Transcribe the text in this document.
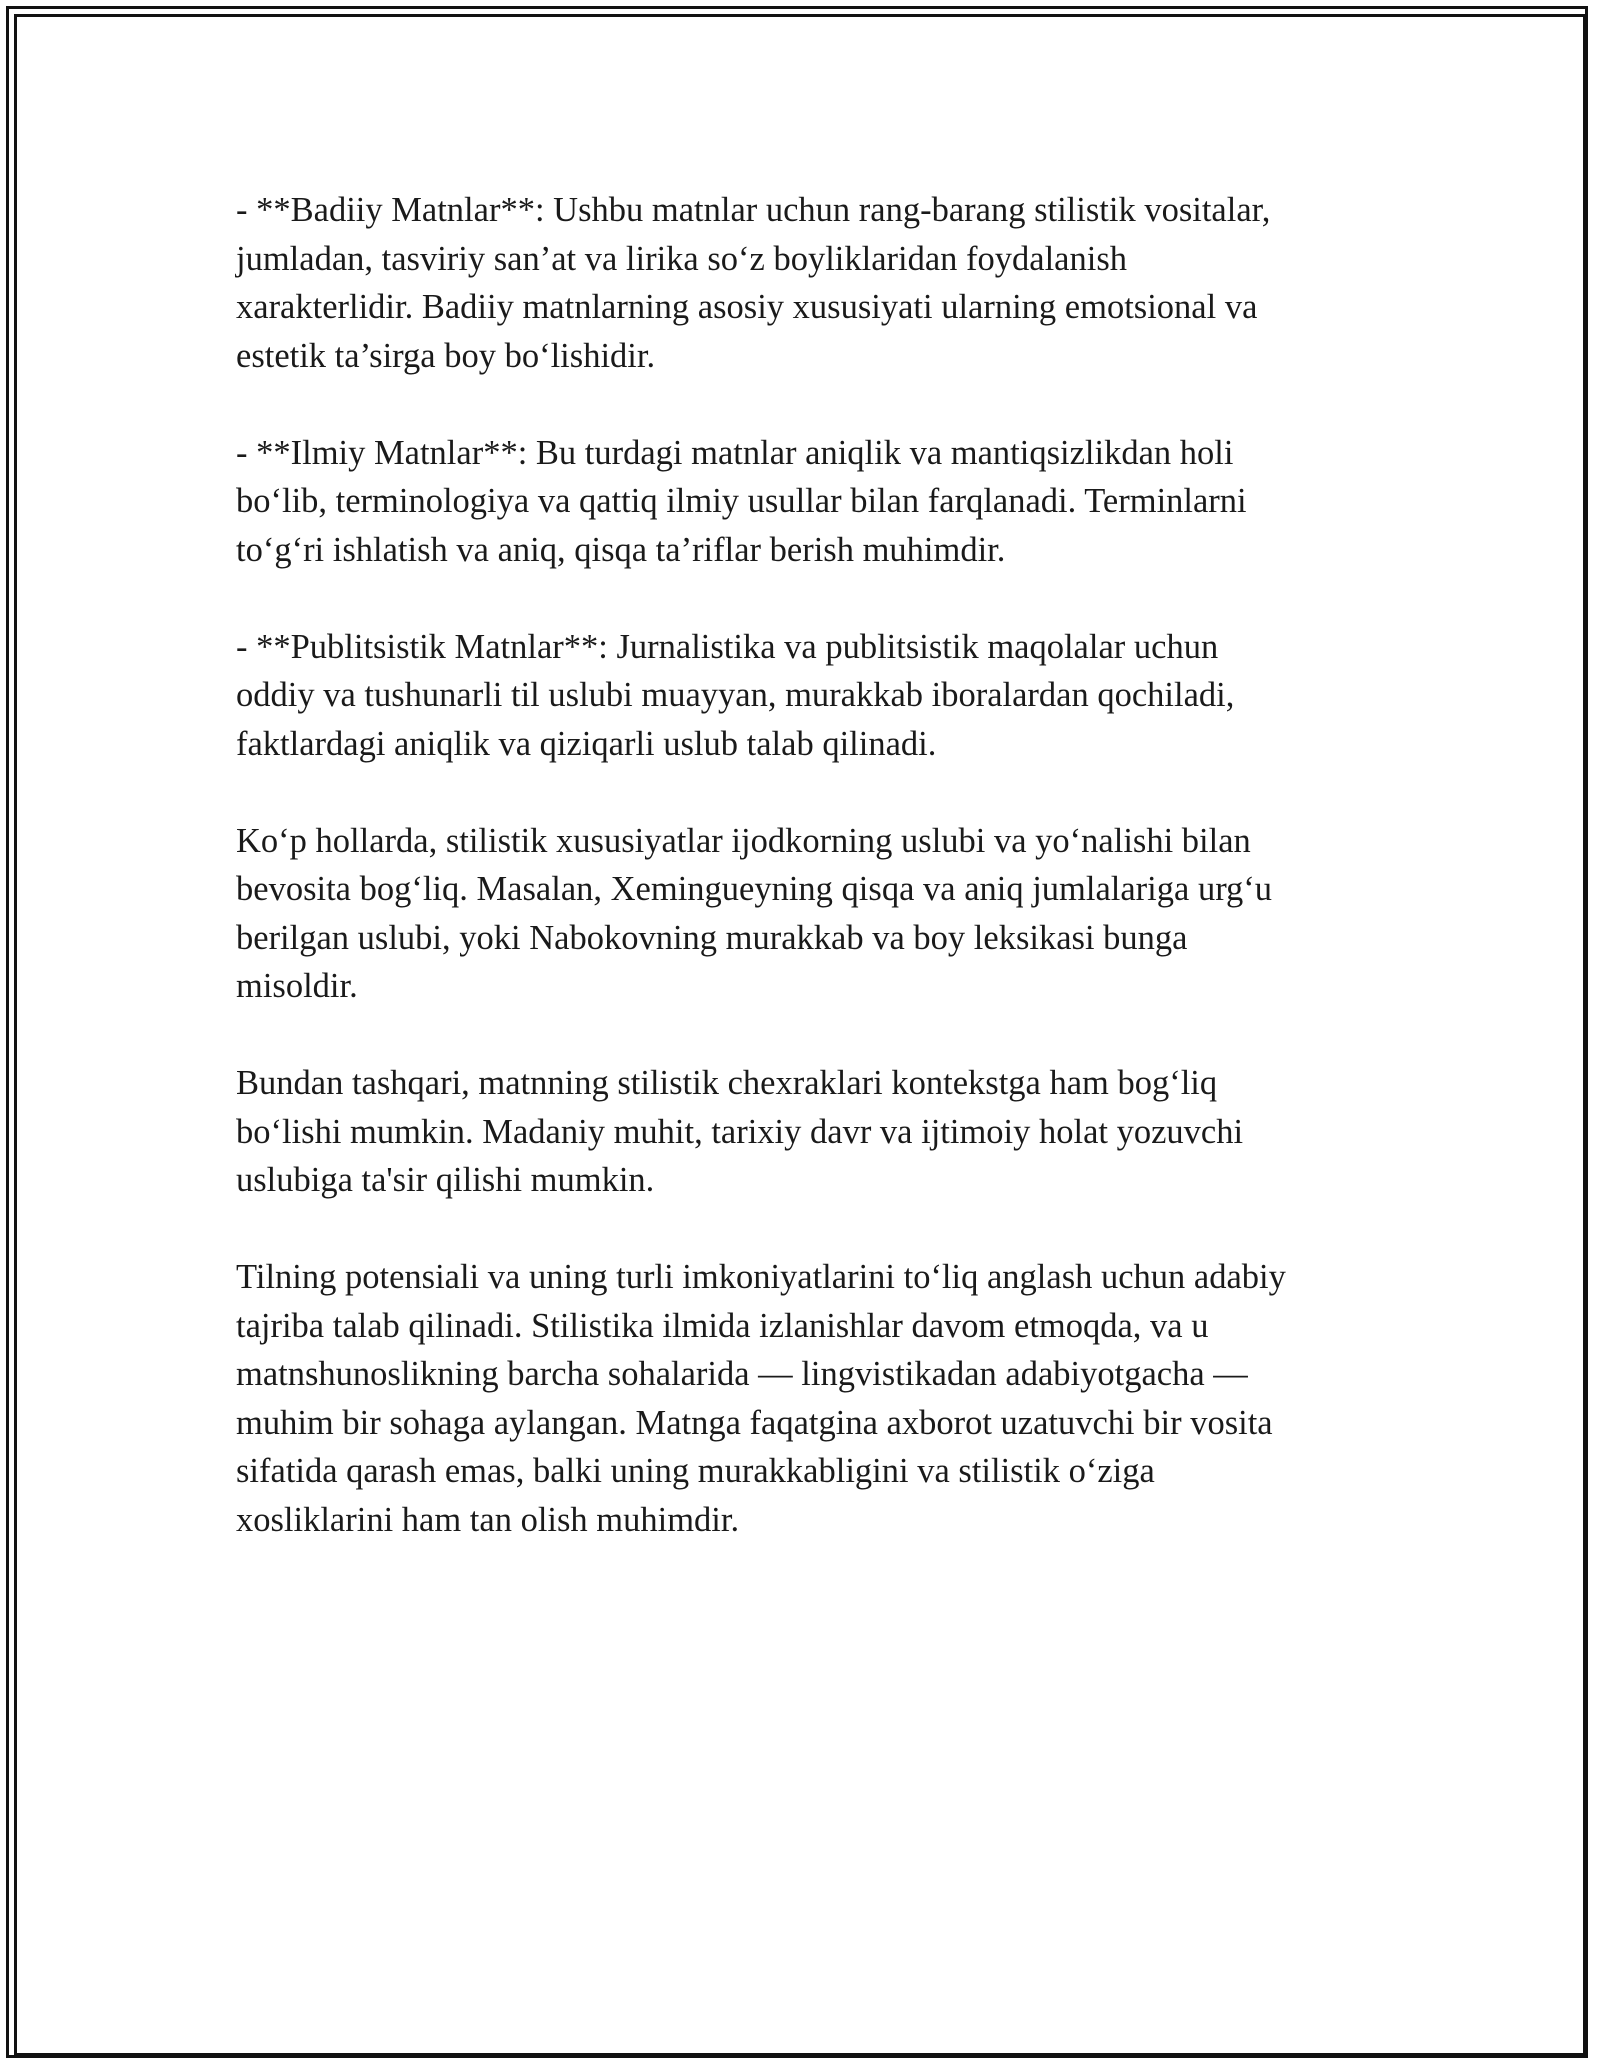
- **Badiiy Matnlar**: Ushbu matnlar uchun rang-barang stilistik vositalar,
jumladan, tasviriy san’at va lirika so‘z boyliklaridan foydalanish
xarakterlidir. Badiiy matnlarning asosiy xususiyati ularning emotsional va
estetik ta’sirga boy bo‘lishidir.

- **Ilmiy Matnlar**: Bu turdagi matnlar aniqlik va mantiqsizlikdan holi
bo‘lib, terminologiya va qattiq ilmiy usullar bilan farqlanadi. Terminlarni
to‘g‘ri ishlatish va aniq, qisqa ta’riflar berish muhimdir.

- **Publitsistik Matnlar**: Jurnalistika va publitsistik maqolalar uchun
oddiy va tushunarli til uslubi muayyan, murakkab iboralardan qochiladi,
faktlardagi aniqlik va qiziqarli uslub talab qilinadi.

Ko‘p hollarda, stilistik xususiyatlar ijodkorning uslubi va yo‘nalishi bilan
bevosita bog‘liq. Masalan, Xemingueyning qisqa va aniq jumlalariga urg‘u
berilgan uslubi, yoki Nabokovning murakkab va boy leksikasi bunga
misoldir.

Bundan tashqari, matnning stilistik chexraklari kontekstga ham bog‘liq
bo‘lishi mumkin. Madaniy muhit, tarixiy davr va ijtimoiy holat yozuvchi
uslubiga ta'sir qilishi mumkin.

Tilning potensiali va uning turli imkoniyatlarini to‘liq anglash uchun adabiy
tajriba talab qilinadi. Stilistika ilmida izlanishlar davom etmoqda, va u
matnshunoslikning barcha sohalarida — lingvistikadan adabiyotgacha —
muhim bir sohaga aylangan. Matnga faqatgina axborot uzatuvchi bir vosita
sifatida qarash emas, balki uning murakkabligini va stilistik o‘ziga
xosliklarini ham tan olish muhimdir.
